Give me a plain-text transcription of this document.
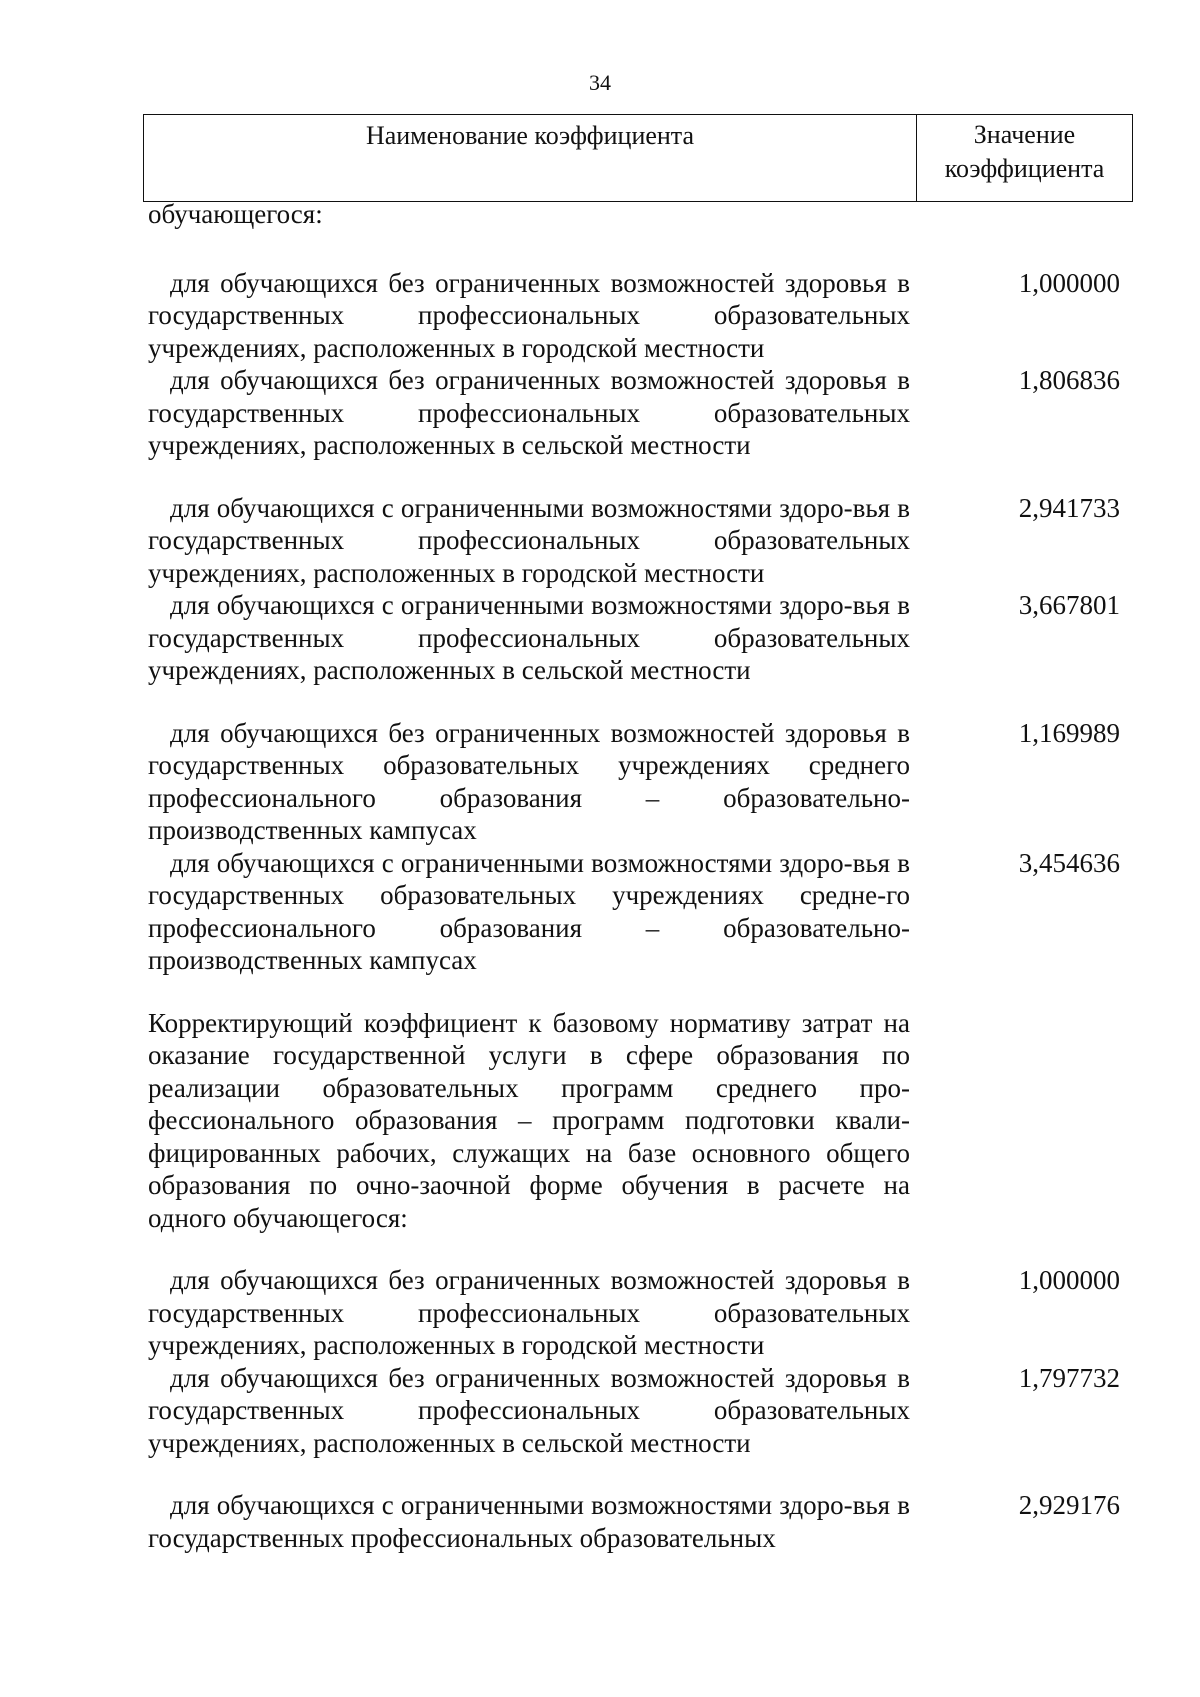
34
Наименование коэффициента	Значение
коэффициента
обучающегося:
для обучающихся без ограниченных возможностей здоровья в государственных профессиональных образовательных учреждениях, расположенных в городской местности
1,000000
для обучающихся без ограниченных возможностей здоровья в государственных профессиональных образовательных учреждениях, расположенных в сельской местности
1,806836
для обучающихся с ограниченными возможностями здоро-вья в государственных профессиональных образовательных учреждениях, расположенных в городской местности
2,941733
для обучающихся с ограниченными возможностями здоро-вья в государственных профессиональных образовательных учреждениях, расположенных в сельской местности
3,667801
для обучающихся без ограниченных возможностей здоровья в государственных образовательных учреждениях среднего профессионального образования – образовательно-производственных кампусах
1,169989
для обучающихся с ограниченными возможностями здоро-вья в государственных образовательных учреждениях средне-го профессионального образования – образовательно-производственных кампусах
3,454636
Корректирующий коэффициент к базовому нормативу затрат на оказание государственной услуги в сфере образования по реализации образовательных программ среднего про-фессионального образования – программ подготовки квали-фицированных рабочих, служащих на базе основного общего образования по очно-заочной форме обучения в расчете на одного обучающегося:
для обучающихся без ограниченных возможностей здоровья в государственных профессиональных образовательных учреждениях, расположенных в городской местности
1,000000
для обучающихся без ограниченных возможностей здоровья в государственных профессиональных образовательных учреждениях, расположенных в сельской местности
1,797732
для обучающихся с ограниченными возможностями здоро-вья в государственных профессиональных образовательных
2,929176
